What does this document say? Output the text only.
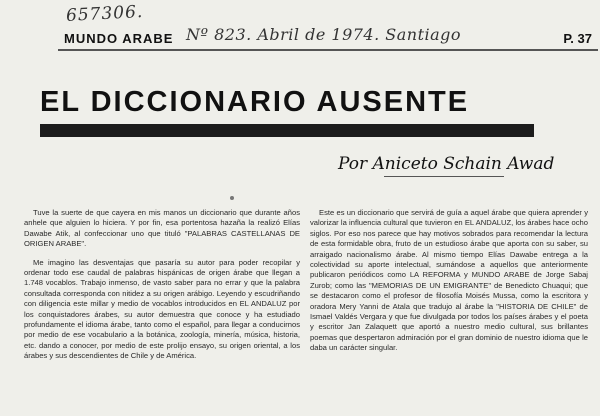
657306.
MUNDO ARABE	P. 37
Nº 823. Abril de 1974. Santiago
EL DICCIONARIO AUSENTE
Por Aniceto Schain Awad

Tuve la suerte de que cayera en mis manos un diccionario que durante años anhele que alguien lo hiciera. Y por fin, esa portentosa hazaña la realizó Elías Dawabe Atik, al confeccionar uno que tituló "PALABRAS CASTELLANAS DE ORIGEN ARABE".

Me imagino las desventajas que pasaría su autor para poder recopilar y ordenar todo ese caudal de palabras hispánicas de origen árabe que llegan a 1.748 vocablos. Trabajo inmenso, de vasto saber para no errar y que la palabra consultada corresponda con nitidez a su origen arábigo. Leyendo y escudriñando con diligencia este millar y medio de vocablos introducidos en EL ANDALUZ por los conquistadores árabes, su autor demuestra que conoce y ha estudiado profundamente el idioma árabe, tanto como el español, para llegar a conducirnos por medio de ese vocabulario a la botánica, zoología, minería, música, historia, etc. dando a conocer, por medio de este prolijo ensayo, su origen oriental, a los árabes y sus descendientes de Chile y de América.

Este es un diccionario que servirá de guía a aquel árabe que quiera aprender y valorizar la influencia cultural que tuvieron en EL ANDALUZ, los árabes hace ocho siglos. Por eso nos parece que hay motivos sobrados para recomendar la lectura de esta formidable obra, fruto de un estudioso árabe que aporta con su saber, su arraigado nacionalismo árabe. Al mismo tiempo Elías Dawabe entrega a la colectividad su aporte intelectual, sumándose a aquellos que anteriormente publicaron periódicos como LA REFORMA y MUNDO ARABE de Jorge Sabaj Zurob; como las "MEMORIAS DE UN EMIGRANTE" de Benedicto Chuaqui; que se destacaron como el profesor de filosofía Moisés Mussa, como la escritora y oradora Mery Yanni de Atala que tradujo al árabe la "HISTORIA DE CHILE" de Ismael Valdés Vergara y que fue divulgada por todos los países árabes y el poeta y escritor Jan Zalaquett que aportó a nuestro medio cultural, sus brillantes poemas que despertaron admiración por el gran dominio de nuestro idioma que le daba un carácter singular.
